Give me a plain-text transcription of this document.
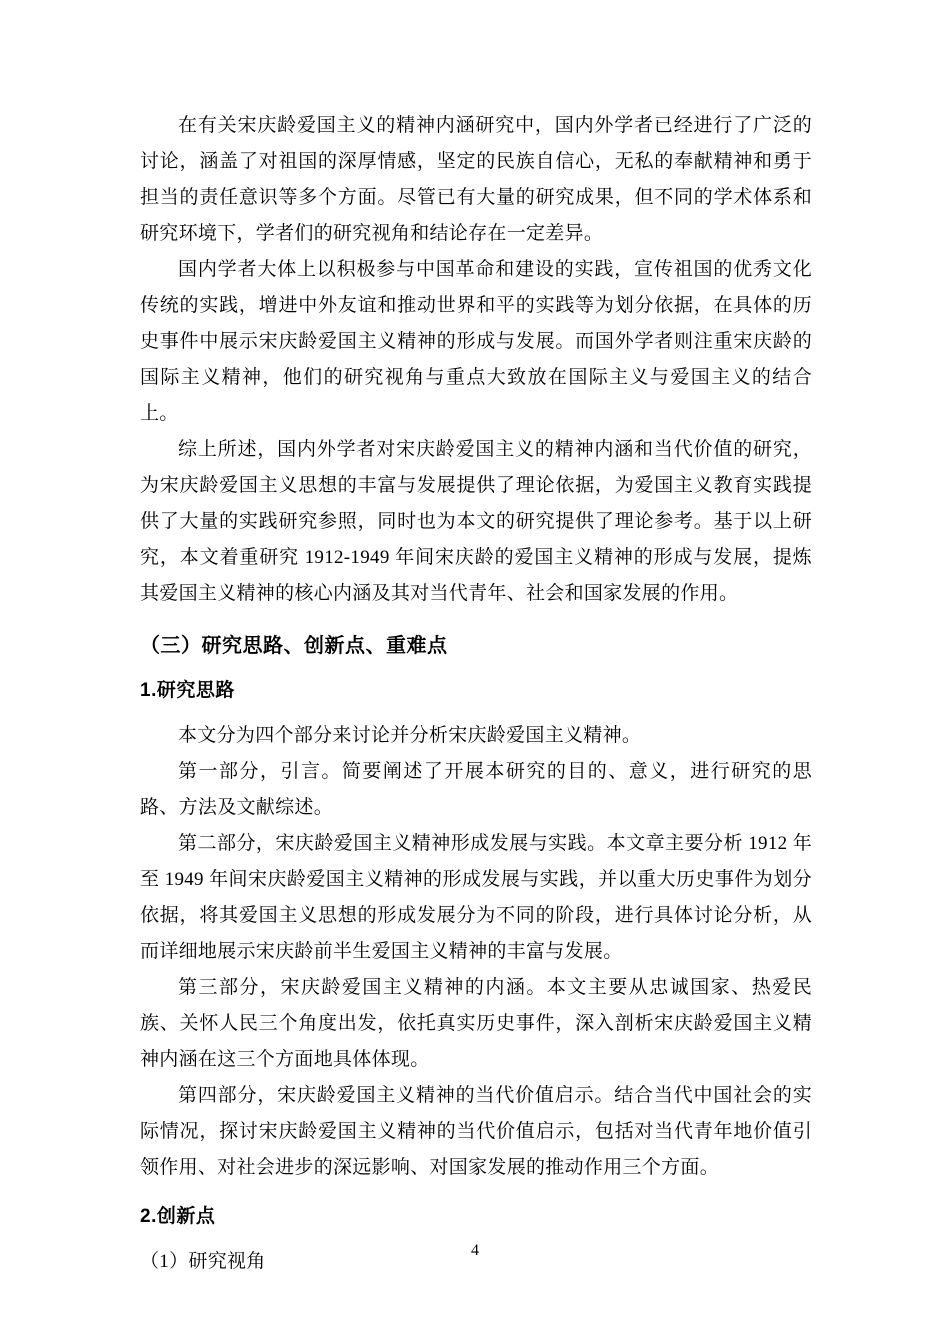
在有关宋庆龄爱国主义的精神内涵研究中，国内外学者已经进行了广泛的讨论，涵盖了对祖国的深厚情感，坚定的民族自信心，无私的奉献精神和勇于担当的责任意识等多个方面。尽管已有大量的研究成果，但不同的学术体系和研究环境下，学者们的研究视角和结论存在一定差异。

国内学者大体上以积极参与中国革命和建设的实践，宣传祖国的优秀文化传统的实践，增进中外友谊和推动世界和平的实践等为划分依据，在具体的历史事件中展示宋庆龄爱国主义精神的形成与发展。而国外学者则注重宋庆龄的国际主义精神，他们的研究视角与重点大致放在国际主义与爱国主义的结合上。

综上所述，国内外学者对宋庆龄爱国主义的精神内涵和当代价值的研究，为宋庆龄爱国主义思想的丰富与发展提供了理论依据，为爱国主义教育实践提供了大量的实践研究参照，同时也为本文的研究提供了理论参考。基于以上研究，本文着重研究 1912-1949 年间宋庆龄的爱国主义精神的形成与发展，提炼其爱国主义精神的核心内涵及其对当代青年、社会和国家发展的作用。

（三）研究思路、创新点、重难点
1.研究思路

本文分为四个部分来讨论并分析宋庆龄爱国主义精神。

第一部分，引言。简要阐述了开展本研究的目的、意义，进行研究的思路、方法及文献综述。

第二部分，宋庆龄爱国主义精神形成发展与实践。本文章主要分析 1912 年至 1949 年间宋庆龄爱国主义精神的形成发展与实践，并以重大历史事件为划分依据，将其爱国主义思想的形成发展分为不同的阶段，进行具体讨论分析，从而详细地展示宋庆龄前半生爱国主义精神的丰富与发展。

第三部分，宋庆龄爱国主义精神的内涵。本文主要从忠诚国家、热爱民族、关怀人民三个角度出发，依托真实历史事件，深入剖析宋庆龄爱国主义精神内涵在这三个方面地具体体现。

第四部分，宋庆龄爱国主义精神的当代价值启示。结合当代中国社会的实际情况，探讨宋庆龄爱国主义精神的当代价值启示，包括对当代青年地价值引领作用、对社会进步的深远影响、对国家发展的推动作用三个方面。

2.创新点

（1）研究视角

4
